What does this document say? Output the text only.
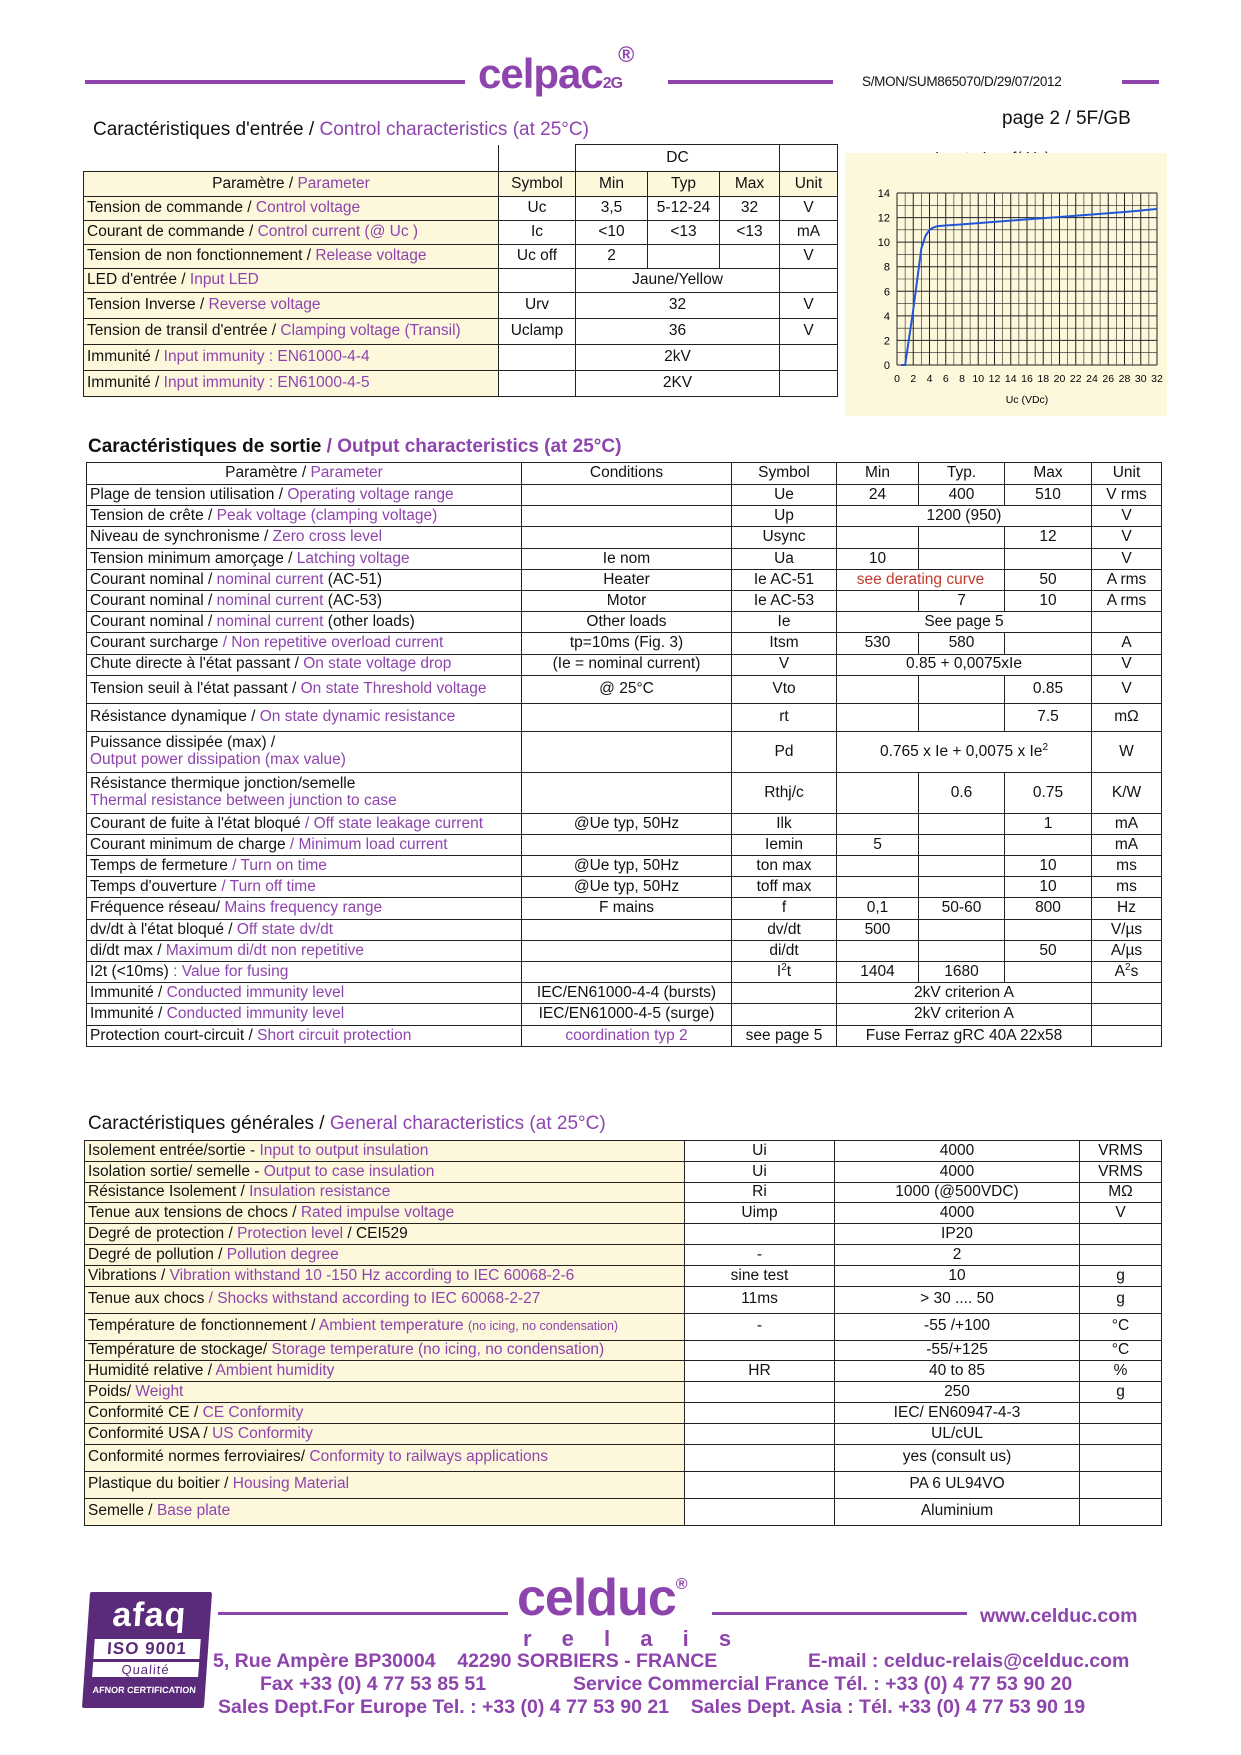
celpac2G®
S/MON/SUM865070/D/29/07/2012
page 2 / 5F/GB
Caractéristiques d'entrée / Control characteristics (at 25°C)
		DC			
Paramètre / Parameter	Symbol	Min	Typ	Max	Unit
Tension de commande / Control voltage	Uc	3,5	5-12-24	32	V
Courant de commande / Control current (@ Uc )	Ic	<10	<13	<13	mA
Tension de non fonctionnement / Release voltage	Uc off	2			V
LED d'entrée / Input LED		Jaune/Yellow			
Tension Inverse / Reverse voltage	Urv	32			V
Tension de transil d'entrée / Clamping voltage (Transil)	Uclamp	36			V
Immunité / Input immunity : EN61000-4-4		2kV			
Immunité / Input immunity : EN61000-4-5		2KV			
0
2
4
6
8
10
12
14
0 2 4 6 8 10 12 14 16 18 20 22 24 26 28 30 32
Uc (VDc)
Caractéristiques de sortie / Output characteristics (at 25°C)
Paramètre / Parameter	Conditions	Symbol	Min	Typ.	Max	Unit
Plage de tension utilisation / Operating voltage range		Ue	24	400	510	V rms
Tension de crête / Peak voltage (clamping voltage)		Up	1200 (950)			V
Niveau de synchronisme / Zero cross level		Usync			12	V
Tension minimum amorçage / Latching voltage	Ie nom	Ua	10			V
Courant nominal / nominal current (AC-51)	Heater	Ie AC-51	see derating curve		50	A rms
Courant nominal / nominal current (AC-53)	Motor	Ie AC-53		7	10	A rms
Courant nominal / nominal current (other loads)	Other loads	Ie	See page 5			
Courant surcharge / Non repetitive overload current	tp=10ms (Fig. 3)	Itsm	530	580		A
Chute directe à l'état passant / On state voltage drop	(Ie = nominal current)	V	0.85 + 0,0075xIe			V
Tension seuil à l'état passant / On state Threshold voltage	@ 25°C	Vto			0.85	V
Résistance dynamique / On state dynamic resistance		rt			7.5	mΩ

Puissance dissipée (max) /
Output power dissipation (max value)		Pd	0.765 x Ie + 0,0075 x Ie$^2$			W

Résistance thermique jonction/semelle
Thermal resistance between junction to case		Rthj/c		0.6	0.75	K/W
Courant de fuite à l'état bloqué / Off state leakage current	@Ue typ, 50Hz	Ilk			1	mA
Courant minimum de charge / Minimum load current		Iemin	5			mA
Temps de fermeture / Turn on time	@Ue typ, 50Hz	ton max			10	ms
Temps d'ouverture / Turn off time	@Ue typ, 50Hz	toff max			10	ms
Fréquence réseau/ Mains frequency range	F mains	f	0,1	50-60	800	Hz
dv/dt à l'état bloqué / Off state dv/dt		dv/dt	500			V/µs
di/dt max / Maximum di/dt non repetitive		di/dt			50	A/µs
I2t (<10ms) : Value for fusing		$I^2t$	1404	1680		$A^2s$
Immunité / Conducted immunity level	IEC/EN61000-4-4 (bursts)		2kV criterion A			
Immunité / Conducted immunity level	IEC/EN61000-4-5 (surge)		2kV criterion A			
Protection court-circuit / Short circuit protection	coordination typ 2	see page 5	Fuse Ferraz gRC 40A 22x58			
Caractéristiques générales / General characteristics (at 25°C)
Isolement entrée/sortie - Input to output insulation	Ui	4000	VRMS
Isolation sortie/ semelle - Output to case insulation	Ui	4000	VRMS
Résistance Isolement / Insulation resistance	Ri	1000 (@500VDC)	MΩ
Tenue aux tensions de chocs / Rated impulse voltage	Uimp	4000	V
Degré de protection / Protection level / CEI529		IP20	
Degré de pollution / Pollution degree	-	2	
Vibrations / Vibration withstand 10 -150 Hz according to IEC 60068-2-6	sine test	10	g
Tenue aux chocs / Shocks withstand according to IEC 60068-2-27	11ms	> 30 .... 50	g
Température de fonctionnement / Ambient temperature (no icing, no condensation)	-	-55 /+100	°C
Température de stockage/ Storage temperature (no icing, no condensation)		-55/+125	°C
Humidité relative / Ambient humidity	HR	40 to 85	%
Poids/ Weight		250	g
Conformité CE / CE Conformity		IEC/ EN60947-4-3	
Conformité USA / US Conformity		UL/cUL	
Conformité normes ferroviaires/ Conformity to railways applications		yes (consult us)	
Plastique du boitier / Housing Material		PA 6 UL94VO	
Semelle / Base plate		Aluminium	
afaq
ISO 9001
Qualité
AFNOR CERTIFICATION
celduc®
r e l a i s
www.celduc.com
5, Rue Ampère BP30004    42290 SORBIERS - FRANCE	E-mail : celduc-relais@celduc.com
Fax +33 (0) 4 77 53 85 51	Service Commercial France Tél. : +33 (0) 4 77 53 90 20
Sales Dept.For Europe Tel. : +33 (0) 4 77 53 90 21    Sales Dept. Asia : Tél. +33 (0) 4 77 53 90 19
